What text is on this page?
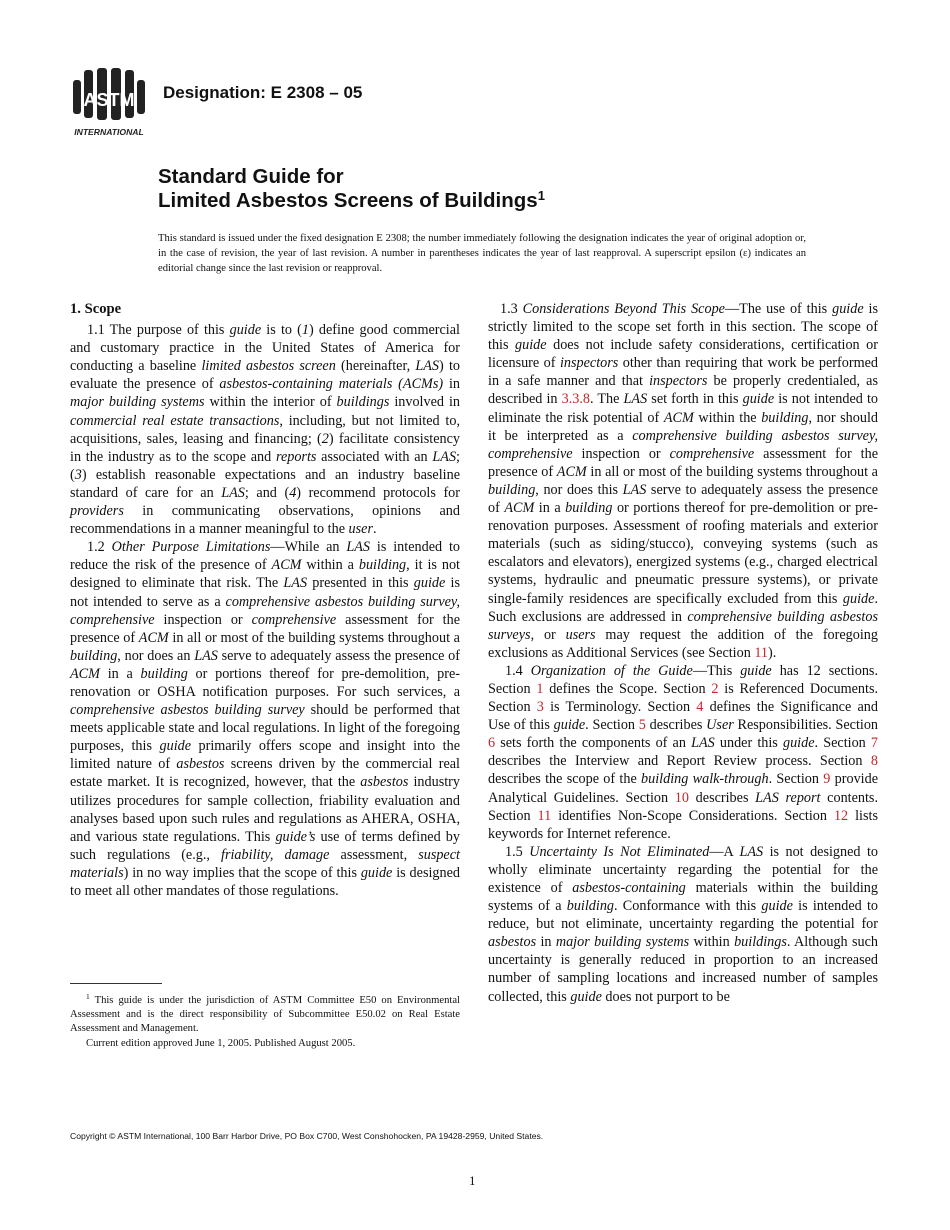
ASTM
INTERNATIONAL
Designation: E 2308 – 05
Standard Guide for
Limited Asbestos Screens of Buildings$^1$
This standard is issued under the fixed designation E 2308; the number immediately following the designation indicates the year of original adoption or, in the case of revision, the year of last revision. A number in parentheses indicates the year of last reapproval. A superscript epsilon (ε) indicates an editorial change since the last revision or reapproval.
1. Scope

1.1 The purpose of this guide is to (1) define good commercial and customary practice in the United States of America for conducting a baseline limited asbestos screen (hereinafter, LAS) to evaluate the presence of asbestos-containing materials (ACMs) in major building systems within the interior of buildings involved in commercial real estate transactions, including, but not limited to, acquisitions, sales, leasing and financing; (2) facilitate consistency in the industry as to the scope and reports associated with an LAS; (3) establish reasonable expectations and an industry baseline standard of care for an LAS; and (4) recommend protocols for providers in communicating observations, opinions and recommendations in a manner meaningful to the user.

1.2 Other Purpose Limitations—While an LAS is intended to reduce the risk of the presence of ACM within a building, it is not designed to eliminate that risk. The LAS presented in this guide is not intended to serve as a comprehensive asbestos building survey, comprehensive inspection or comprehensive assessment for the presence of ACM in all or most of the building systems throughout a building, nor does an LAS serve to adequately assess the presence of ACM in a building or portions thereof for pre-demolition, pre-renovation or OSHA notification purposes. For such services, a comprehensive asbestos building survey should be performed that meets applicable state and local regulations. In light of the foregoing purposes, this guide primarily offers scope and insight into the limited nature of asbestos screens driven by the commercial real estate market. It is recognized, however, that the asbestos industry utilizes procedures for sample collection, friability evaluation and analyses based upon such rules and regulations as AHERA, OSHA, and various state regulations. This guide’s use of terms defined by such regulations (e.g., friability, damage assessment, suspect materials) in no way implies that the scope of this guide is designed to meet all other mandates of those regulations.

1.3 Considerations Beyond This Scope—The use of this guide is strictly limited to the scope set forth in this section. The scope of this guide does not include safety considerations, certification or licensure of inspectors other than requiring that work be performed in a safe manner and that inspectors be properly credentialed, as described in 3.3.8. The LAS set forth in this guide is not intended to eliminate the risk potential of ACM within the building, nor should it be interpreted as a comprehensive building asbestos survey, comprehensive inspection or comprehensive assessment for the presence of ACM in all or most of the building systems throughout a building, nor does this LAS serve to adequately assess the presence of ACM in a building or portions thereof for pre-demolition or pre-renovation purposes. Assessment of roofing materials and exterior materials (such as siding/stucco), conveying systems (such as escalators and elevators), energized systems (e.g., charged electrical systems, hydraulic and pneumatic pressure systems), or private single-family residences are specifically excluded from this guide. Such exclusions are addressed in comprehensive building asbestos surveys, or users may request the addition of the foregoing exclusions as Additional Services (see Section 11).

1.4 Organization of the Guide—This guide has 12 sections. Section 1 defines the Scope. Section 2 is Referenced Documents. Section 3 is Terminology. Section 4 defines the Significance and Use of this guide. Section 5 describes User Responsibilities. Section 6 sets forth the components of an LAS under this guide. Section 7 describes the Interview and Report Review process. Section 8 describes the scope of the building walk-through. Section 9 provide Analytical Guidelines. Section 10 describes LAS report contents. Section 11 identifies Non-Scope Considerations. Section 12 lists keywords for Internet reference.

1.5 Uncertainty Is Not Eliminated—A LAS is not designed to wholly eliminate uncertainty regarding the potential for the existence of asbestos-containing materials within the building systems of a building. Conformance with this guide is intended to reduce, but not eliminate, uncertainty regarding the potential for asbestos in major building systems within buildings. Although such uncertainty is generally reduced in proportion to an increased number of sampling locations and increased number of samples collected, this guide does not purport to be

$^1$ This guide is under the jurisdiction of ASTM Committee E50 on Environmental Assessment and is the direct responsibility of Subcommittee E50.02 on Real Estate Assessment and Management.

Current edition approved June 1, 2005. Published August 2005.

Copyright © ASTM International, 100 Barr Harbor Drive, PO Box C700, West Conshohocken, PA 19428-2959, United States.
1
